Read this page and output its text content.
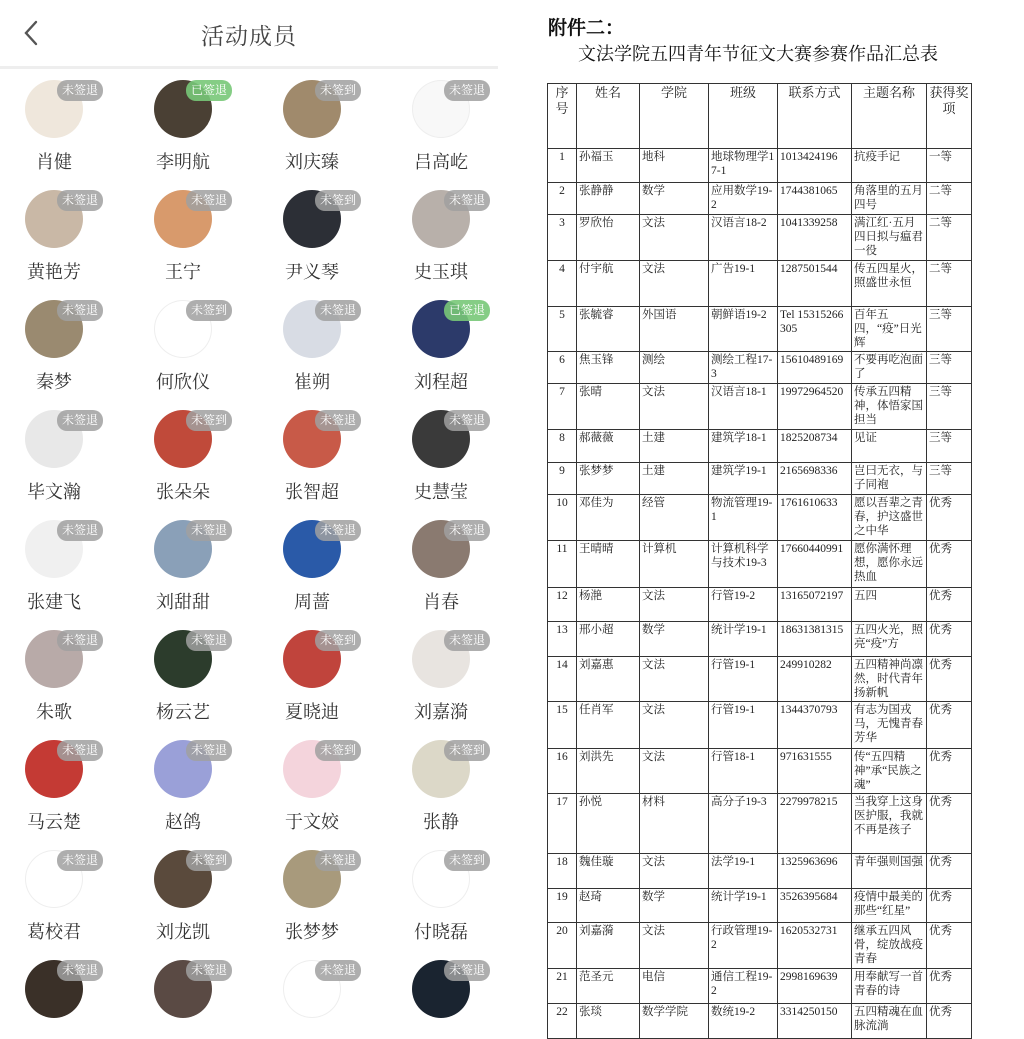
活动成员
未签退
肖健
已签退
李明航
未签到
刘庆臻
未签退
吕高屹
未签退
黄艳芳
未签退
王宁
未签到
尹义琴
未签退
史玉琪
未签退
秦梦
未签到
何欣仪
未签退
崔朔
已签退
刘程超
未签退
毕文瀚
未签到
张朵朵
未签退
张智超
未签退
史慧莹
未签退
张建飞
未签退
刘甜甜
未签退
周蔷
未签退
肖春
未签退
朱歌
未签退
杨云艺
未签到
夏晓迪
未签退
刘嘉漪
未签退
马云楚
未签退
赵鸽
未签到
于文姣
未签到
张静
未签退
葛校君
未签到
刘龙凯
未签退
张梦梦
未签到
付晓磊
未签退	未签退	未签退	未签退
附件二：
文法学院五四青年节征文大赛参赛作品汇总表
序号	姓名	学院	班级	联系方式	主题名称	获得奖项
1	孙福玉	地科	地球物理学17-1	1013424196	抗疫手记	一等
2	张静静	数学	应用数学19-2	1744381065	角落里的五月四号	二等
3	罗欣怡	文法	汉语言18-2	1041339258	满江红·五月四日拟与瘟君一役	二等
4	付宇航	文法	广告19-1	1287501544	传五四星火，照盛世永恒	二等
5	张毓睿	外国语	朝鲜语19-2	Tel 15315266305	百年五四，“疫”日光辉	三等
6	焦玉锋	测绘	测绘工程17-3	15610489169	不要再吃泡面了	三等
7	张晴	文法	汉语言18-1	19972964520	传承五四精神，体悟家国担当	三等
8	郝薇薇	土建	建筑学18-1	1825208734	见证	三等
9	张梦梦	土建	建筑学19-1	2165698336	岂曰无衣，与子同袍	三等
10	邓佳为	经管	物流管理19-1	1761610633	愿以吾辈之青春，护这盛世之中华	优秀
11	王晴晴	计算机	计算机科学与技术19-3	17660440991	愿你满怀理想，愿你永远热血	优秀
12	杨滟	文法	行管19-2	13165072197	五四	优秀
13	邢小超	数学	统计学19-1	18631381315	五四火光，照亮“疫”方	优秀
14	刘嘉惠	文法	行管19-1	249910282	五四精神尚凛然，时代青年扬新帆	优秀
15	任肖军	文法	行管19-1	1344370793	有志为国戎马，无愧青春芳华	优秀
16	刘洪先	文法	行管18-1	971631555	传“五四精神”承“民族之魂”	优秀
17	孙悦	材料	高分子19-3	2279978215	当我穿上这身医护服，我就不再是孩子	优秀
18	魏佳璇	文法	法学19-1	1325963696	青年强则国强	优秀
19	赵琦	数学	统计学19-1	3526395684	疫情中最美的那些“红星”	优秀
20	刘嘉漪	文法	行政管理19-2	1620532731	继承五四风骨，绽放战疫青春	优秀
21	范圣元	电信	通信工程19-2	2998169639	用奉献写一首青春的诗	优秀
22	张琰	数学学院	数统19-2	3314250150	五四精魂在血脉流淌	优秀
